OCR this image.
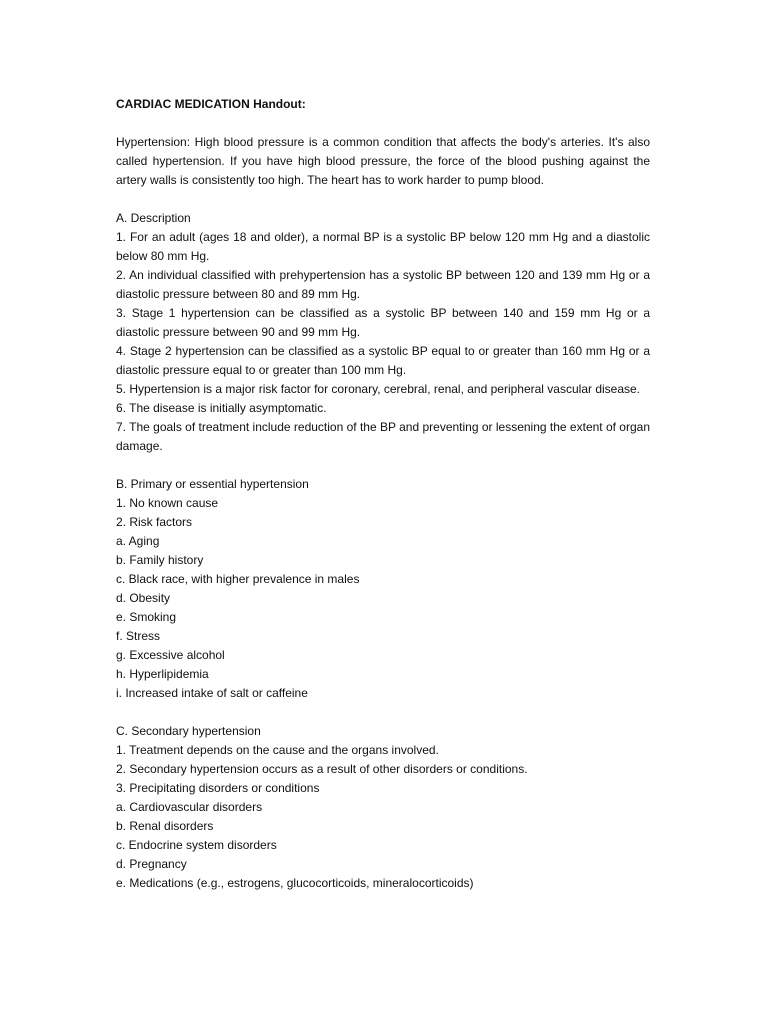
CARDIAC MEDICATION Handout:

Hypertension: High blood pressure is a common condition that affects the body's arteries. It's also called hypertension. If you have high blood pressure, the force of the blood pushing against the artery walls is consistently too high. The heart has to work harder to pump blood.

A. Description

1. For an adult (ages 18 and older), a normal BP is a systolic BP below 120 mm Hg and a diastolic below 80 mm Hg.

2. An individual classified with prehypertension has a systolic BP between 120 and 139 mm Hg or a diastolic pressure between 80 and 89 mm Hg.

3. Stage 1 hypertension can be classified as a systolic BP between 140 and 159 mm Hg or a diastolic pressure between 90 and 99 mm Hg.

4. Stage 2 hypertension can be classified as a systolic BP equal to or greater than 160 mm Hg or a diastolic pressure equal to or greater than 100 mm Hg.

5. Hypertension is a major risk factor for coronary, cerebral, renal, and peripheral vascular disease.

6. The disease is initially asymptomatic.

7. The goals of treatment include reduction of the BP and preventing or lessening the extent of organ damage.

B. Primary or essential hypertension

1. No known cause

2. Risk factors

a. Aging

b. Family history

c. Black race, with higher prevalence in males

d. Obesity

e. Smoking

f. Stress

g. Excessive alcohol

h. Hyperlipidemia

i. Increased intake of salt or caffeine

C. Secondary hypertension

1. Treatment depends on the cause and the organs involved.

2. Secondary hypertension occurs as a result of other disorders or conditions.

3. Precipitating disorders or conditions

a. Cardiovascular disorders

b. Renal disorders

c. Endocrine system disorders

d. Pregnancy

e. Medications (e.g., estrogens, glucocorticoids, mineralocorticoids)
